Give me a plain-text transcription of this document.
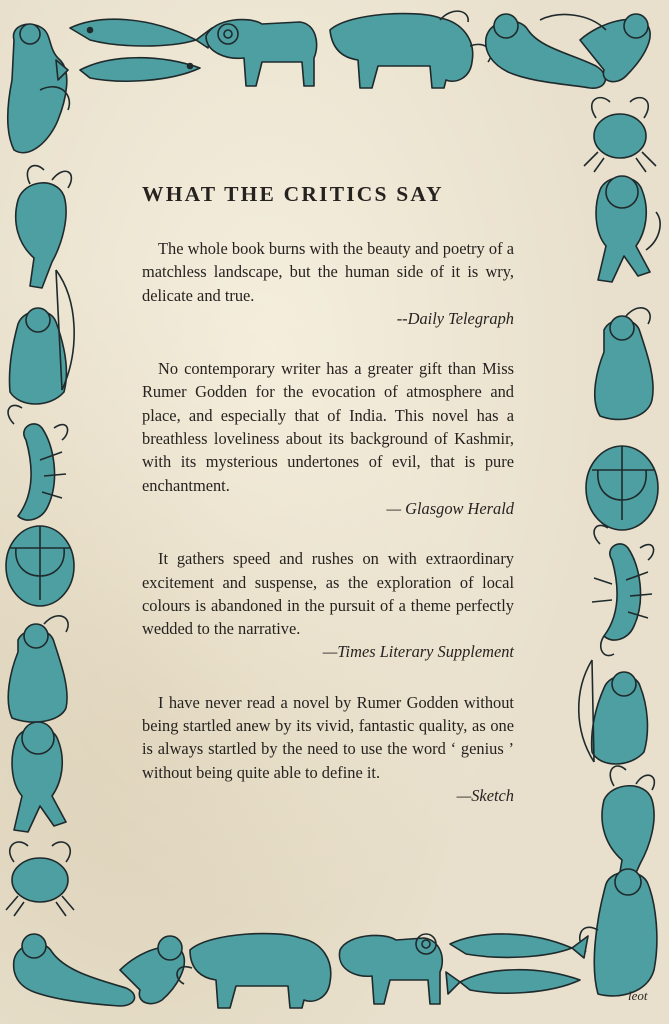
WHAT THE CRITICS SAY

The whole book burns with the beauty and poetry of a matchless landscape, but the human side of it is wry, delicate and true.

--Daily Telegraph

No contemporary writer has a greater gift than Miss Rumer Godden for the evocation of atmosphere and place, and especially that of India. This novel has a breathless loveliness about its background of Kashmir, with its mysterious undertones of evil, that is pure enchantment.

— Glasgow Herald

It gathers speed and rushes on with extraordinary excitement and suspense, as the exploration of local colours is abandoned in the pursuit of a theme perfectly wedded to the narrative.

—Times Literary Supplement

I have never read a novel by Rumer Godden without being startled anew by its vivid, fantastic quality, as one is always startled by the need to use the word ‘ genius ’ without being quite able to define it.

—Sketch

leot
